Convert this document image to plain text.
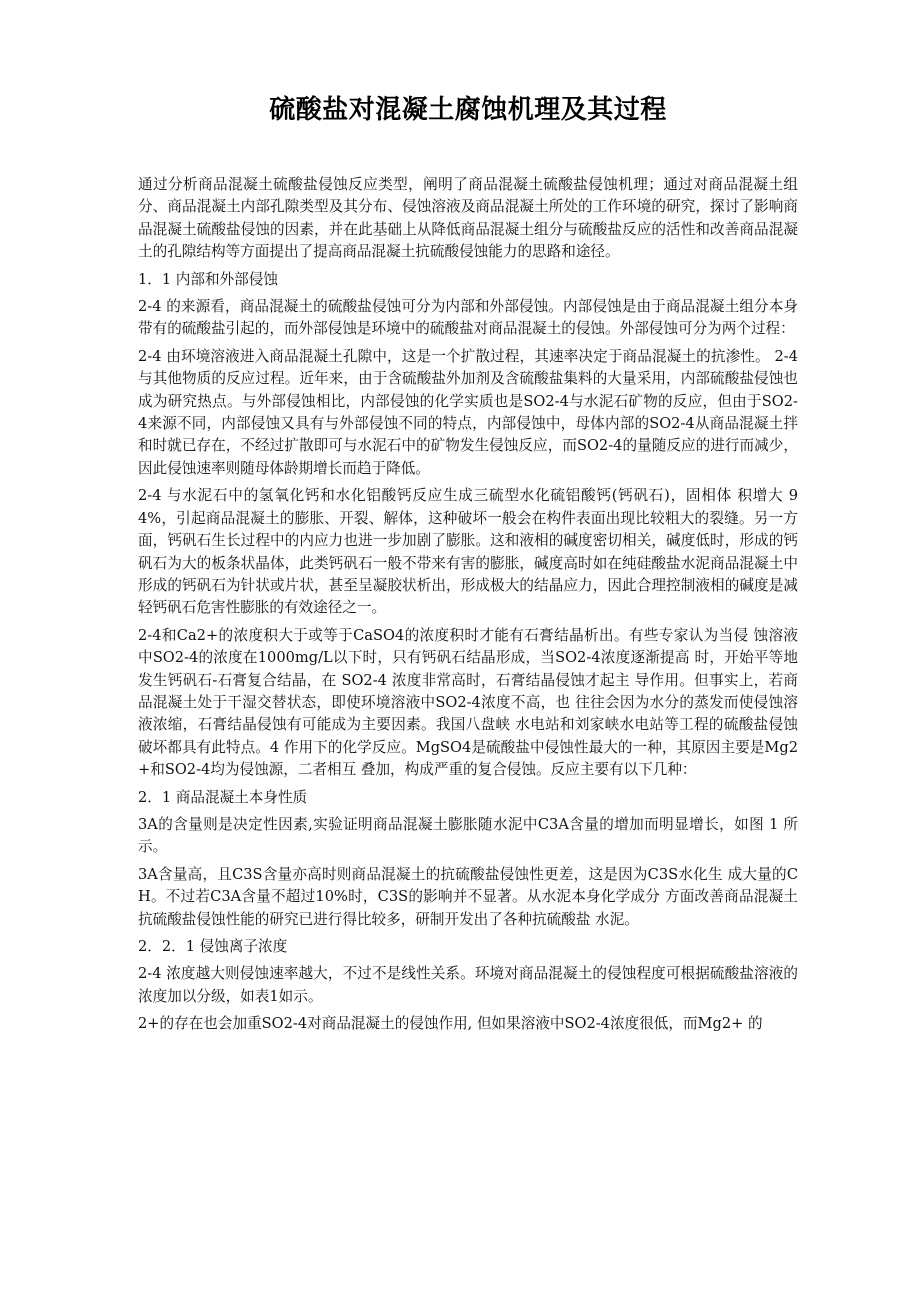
硫酸盐对混凝土腐蚀机理及其过程

通过分析商品混凝土硫酸盐侵蚀反应类型，阐明了商品混凝土硫酸盐侵蚀机理；通过对商品混凝土组分、商品混凝土内部孔隙类型及其分布、侵蚀溶液及商品混凝土所处的工作环境的研究，探讨了影响商品混凝土硫酸盐侵蚀的因素，并在此基础上从降低商品混凝土组分与硫酸盐反应的活性和改善商品混凝土的孔隙结构等方面提出了提高商品混凝土抗硫酸侵蚀能力的思路和途径。

1．1 内部和外部侵蚀

2-4 的来源看，商品混凝土的硫酸盐侵蚀可分为内部和外部侵蚀。内部侵蚀是由于商品混凝土组分本身带有的硫酸盐引起的，而外部侵蚀是环境中的硫酸盐对商品混凝土的侵蚀。外部侵蚀可分为两个过程：

2-4 由环境溶液进入商品混凝土孔隙中，这是一个扩散过程，其速率决定于商品混凝土的抗渗性。 2-4 与其他物质的反应过程。近年来，由于含硫酸盐外加剂及含硫酸盐集料的大量采用，内部硫酸盐侵蚀也成为研究热点。与外部侵蚀相比，内部侵蚀的化学实质也是SO2-4与水泥石矿物的反应，但由于SO2-4来源不同，内部侵蚀又具有与外部侵蚀不同的特点，内部侵蚀中，母体内部的SO2-4从商品混凝土拌和时就已存在，不经过扩散即可与水泥石中的矿物发生侵蚀反应，而SO2-4的量随反应的进行而减少，因此侵蚀速率则随母体龄期增长而趋于降低。

2-4 与水泥石中的氢氧化钙和水化铝酸钙反应生成三硫型水化硫铝酸钙(钙矾石)，固相体 积增大 94%，引起商品混凝土的膨胀、开裂、解体，这种破坏一般会在构件表面出现比较粗大的裂缝。另一方面，钙矾石生长过程中的内应力也进一步加剧了膨胀。这和液相的碱度密切相关，碱度低时，形成的钙矾石为大的板条状晶体，此类钙矾石一般不带来有害的膨胀，碱度高时如在纯硅酸盐水泥商品混凝土中形成的钙矾石为针状或片状，甚至呈凝胶状析出，形成极大的结晶应力，因此合理控制液相的碱度是减轻钙矾石危害性膨胀的有效途径之一。

2-4和Ca2+的浓度积大于或等于CaSO4的浓度积时才能有石膏结晶析出。有些专家认为当侵 蚀溶液中SO2-4的浓度在1000mg/L以下时，只有钙矾石结晶形成，当SO2-4浓度逐渐提高 时，开始平等地发生钙矾石-石膏复合结晶，在 SO2-4 浓度非常高时，石膏结晶侵蚀才起主 导作用。但事实上，若商品混凝土处于干湿交替状态，即使环境溶液中SO2-4浓度不高，也 往往会因为水分的蒸发而使侵蚀溶液浓缩，石膏结晶侵蚀有可能成为主要因素。我国八盘峡 水电站和刘家峡水电站等工程的硫酸盐侵蚀破坏都具有此特点。4 作用下的化学反应。MgSO4是硫酸盐中侵蚀性最大的一种，其原因主要是Mg2+和SO2-4均为侵蚀源，二者相互 叠加，构成严重的复合侵蚀。反应主要有以下几种：

2．1 商品混凝土本身性质

3A的含量则是决定性因素,实验证明商品混凝土膨胀随水泥中C3A含量的增加而明显增长，如图 1 所示。

3A含量高，且C3S含量亦高时则商品混凝土的抗硫酸盐侵蚀性更差，这是因为C3S水化生 成大量的CH。不过若C3A含量不超过10%时，C3S的影响并不显著。从水泥本身化学成分 方面改善商品混凝土抗硫酸盐侵蚀性能的研究已进行得比较多，研制开发出了各种抗硫酸盐 水泥。

2．2．1 侵蚀离子浓度

2-4 浓度越大则侵蚀速率越大，不过不是线性关系。环境对商品混凝土的侵蚀程度可根据硫酸盐溶液的浓度加以分级，如表1如示。

2+的存在也会加重SO2-4对商品混凝土的侵蚀作用, 但如果溶液中SO2-4浓度很低，而Mg2+ 的
